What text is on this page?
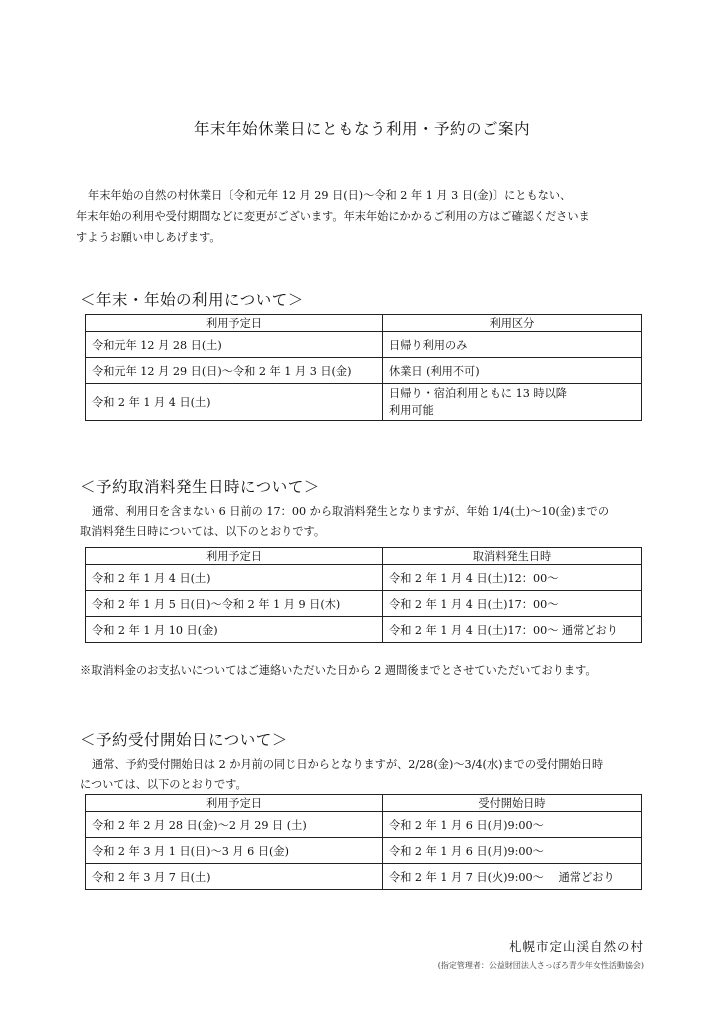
年末年始休業日にともなう利用・予約のご案内

年末年始の自然の村休業日〔令和元年 12 月 29 日(日)～令和 2 年 1 月 3 日(金)〕にともない、

年末年始の利用や受付期間などに変更がございます。年末年始にかかるご利用の方はご確認くださいま

すようお願い申しあげます。

＜年末・年始の利用について＞
利用予定日	利用区分
令和元年 12 月 28 日(土)	日帰り利用のみ
令和元年 12 月 29 日(日)～令和 2 年 1 月 3 日(金)	休業日 (利用不可)
令和 2 年 1 月 4 日(土)	日帰り・宿泊利用ともに 13 時以降
利用可能
＜予約取消料発生日時について＞

通常、利用日を含まない 6 日前の 17：00 から取消料発生となりますが、年始 1/4(土)～10(金)までの

取消料発生日時については、以下のとおりです。

利用予定日	取消料発生日時
令和 2 年 1 月 4 日(土)	令和 2 年 1 月 4 日(土)12：00～
令和 2 年 1 月 5 日(日)～令和 2 年 1 月 9 日(木)	令和 2 年 1 月 4 日(土)17：00～
令和 2 年 1 月 10 日(金)	令和 2 年 1 月 4 日(土)17：00～ 通常どおり
※取消料金のお支払いについてはご連絡いただいた日から 2 週間後までとさせていただいております。
＜予約受付開始日について＞

通常、予約受付開始日は 2 か月前の同じ日からとなりますが、2/28(金)～3/4(水)までの受付開始日時

については、以下のとおりです。

利用予定日	受付開始日時
令和 2 年 2 月 28 日(金)～2 月 29 日 (土)	令和 2 年 1 月 6 日(月)9:00～
令和 2 年 3 月 1 日(日)～3 月 6 日(金)	令和 2 年 1 月 6 日(月)9:00～
令和 2 年 3 月 7 日(土)	令和 2 年 1 月 7 日(火)9:00～　 通常どおり
札幌市定山渓自然の村
(指定管理者：公益財団法人さっぽろ青少年女性活動協会)
